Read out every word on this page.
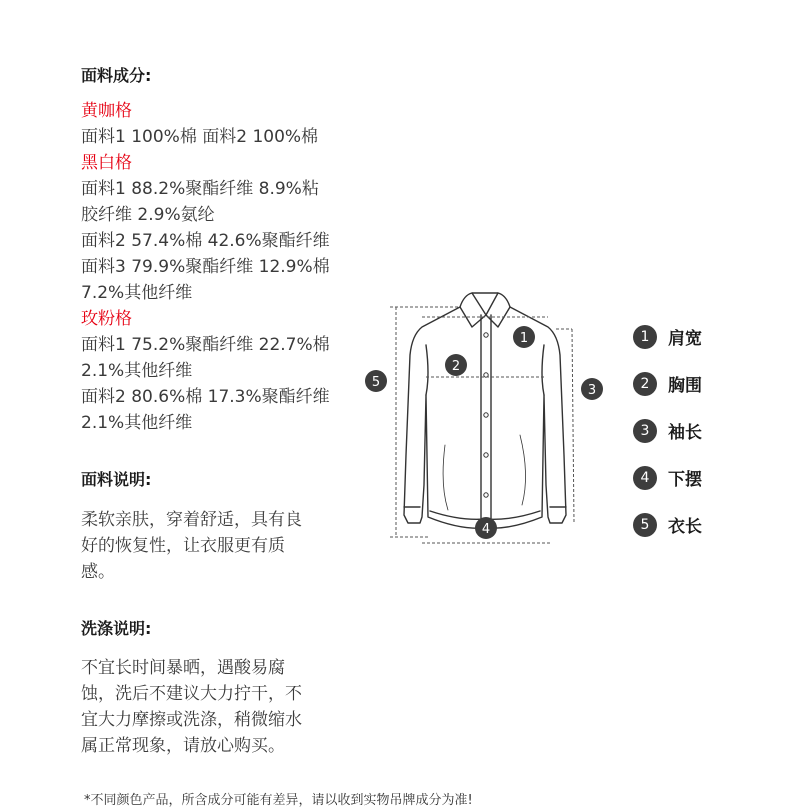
面料成分:
黄咖格
面料1 100%棉 面料2 100%棉
黑白格
面料1 88.2%聚酯纤维 8.9%粘
胶纤维 2.9%氨纶
面料2 57.4%棉 42.6%聚酯纤维
面料3 79.9%聚酯纤维 12.9%棉
7.2%其他纤维
玫粉格
面料1 75.2%聚酯纤维 22.7%棉
2.1%其他纤维
面料2 80.6%棉 17.3%聚酯纤维
2.1%其他纤维
面料说明:
柔软亲肤，穿着舒适，具有良
好的恢复性，让衣服更有质
感。
洗涤说明:
不宜长时间暴晒，遇酸易腐
蚀，洗后不建议大力拧干，不
宜大力摩擦或洗涤，稍微缩水
属正常现象，请放心购买。
1
2
3
4
5
1	肩宽
2	胸围
3	袖长
4	下摆
5	衣长
*不同颜色产品，所含成分可能有差异，请以收到实物吊牌成分为准!
